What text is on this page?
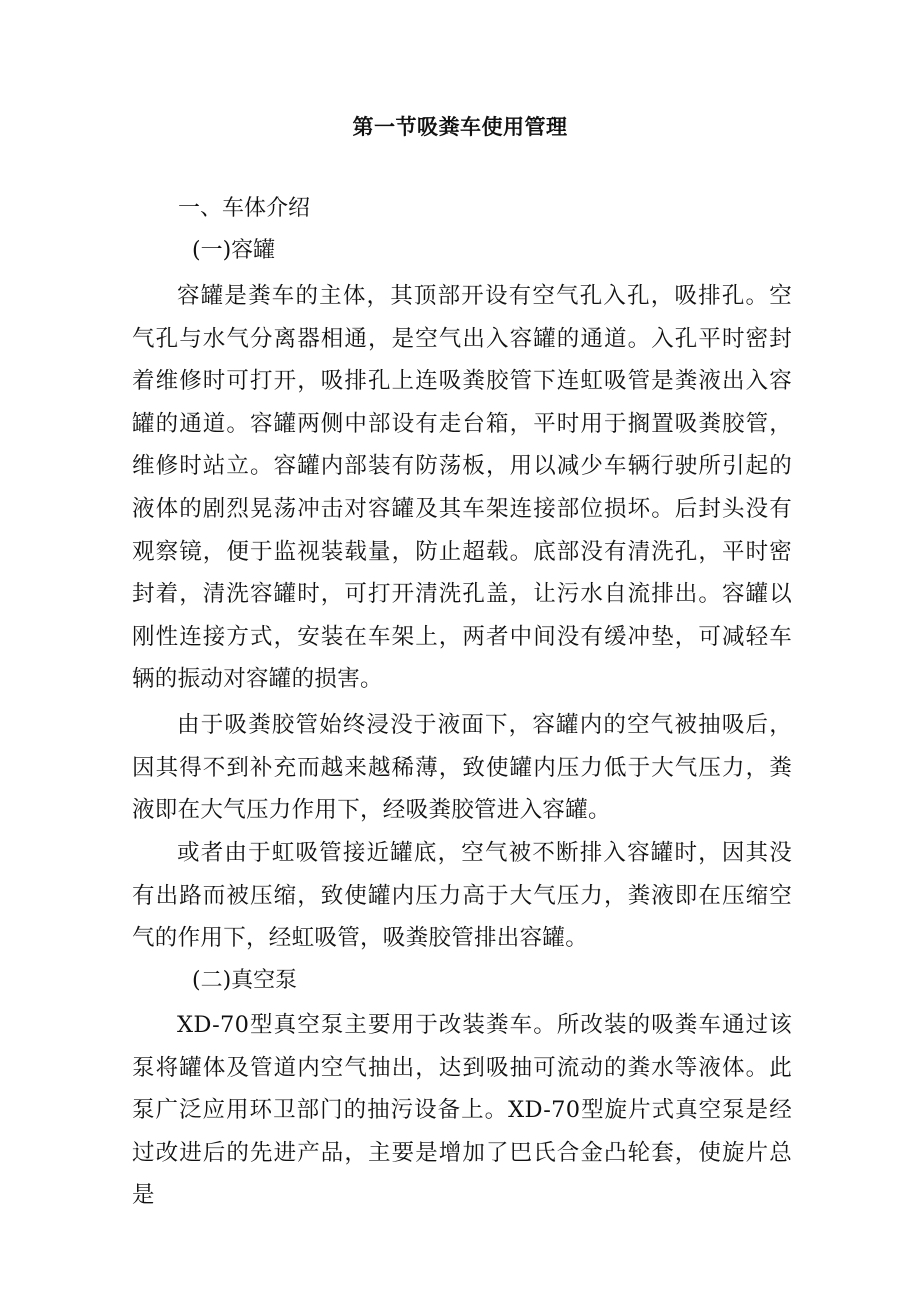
第一节吸粪车使用管理
一、车体介绍
(一)容罐

容罐是粪车的主体，其顶部开设有空气孔入孔，吸排孔。空气孔与水气分离器相通，是空气出入容罐的通道。入孔平时密封着维修时可打开，吸排孔上连吸粪胶管下连虹吸管是粪液出入容罐的通道。容罐两侧中部设有走台箱，平时用于搁置吸粪胶管，维修时站立。容罐内部装有防荡板，用以减少车辆行驶所引起的液体的剧烈晃荡冲击对容罐及其车架连接部位损坏。后封头没有观察镜，便于监视装载量，防止超载。底部没有清洗孔，平时密封着，清洗容罐时，可打开清洗孔盖，让污水自流排出。容罐以刚性连接方式，安装在车架上，两者中间没有缓冲垫，可减轻车辆的振动对容罐的损害。

由于吸粪胶管始终浸没于液面下，容罐内的空气被抽吸后，因其得不到补充而越来越稀薄，致使罐内压力低于大气压力，粪液即在大气压力作用下，经吸粪胶管进入容罐。

或者由于虹吸管接近罐底，空气被不断排入容罐时，因其没有出路而被压缩，致使罐内压力高于大气压力，粪液即在压缩空气的作用下，经虹吸管，吸粪胶管排出容罐。

(二)真空泵

XD-70型真空泵主要用于改装粪车。所改装的吸粪车通过该泵将罐体及管道内空气抽出，达到吸抽可流动的粪水等液体。此泵广泛应用环卫部门的抽污设备上。XD-70型旋片式真空泵是经过改进后的先进产品，主要是增加了巴氏合金凸轮套，使旋片总是
